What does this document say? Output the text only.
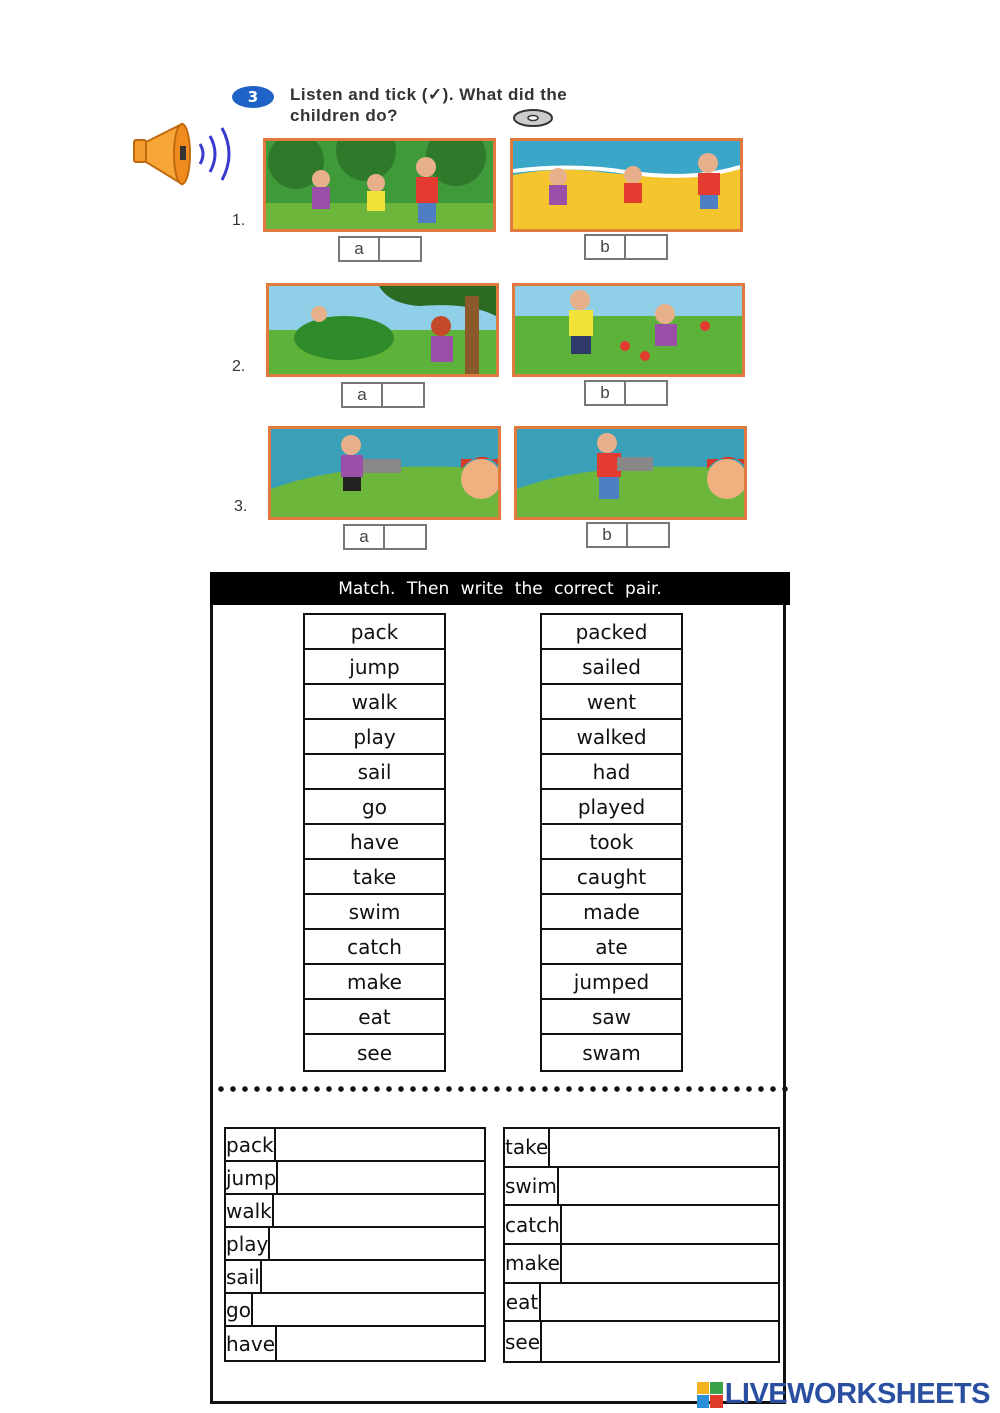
3	Listen and tick (✓). What did the
children do?
1.
a	b
2.
a	b
3.
a	b
Match. Then write the correct pair.
pack
jump
walk
play
sail
go
have
take
swim
catch
make
eat
see
packed
sailed
went
walked
had
played
took
caught
made
ate
jumped
saw
swam
pack
jump
walk
play
sail
go
have
take
swim
catch
make
eat
see
LIVEWORKSHEETS
